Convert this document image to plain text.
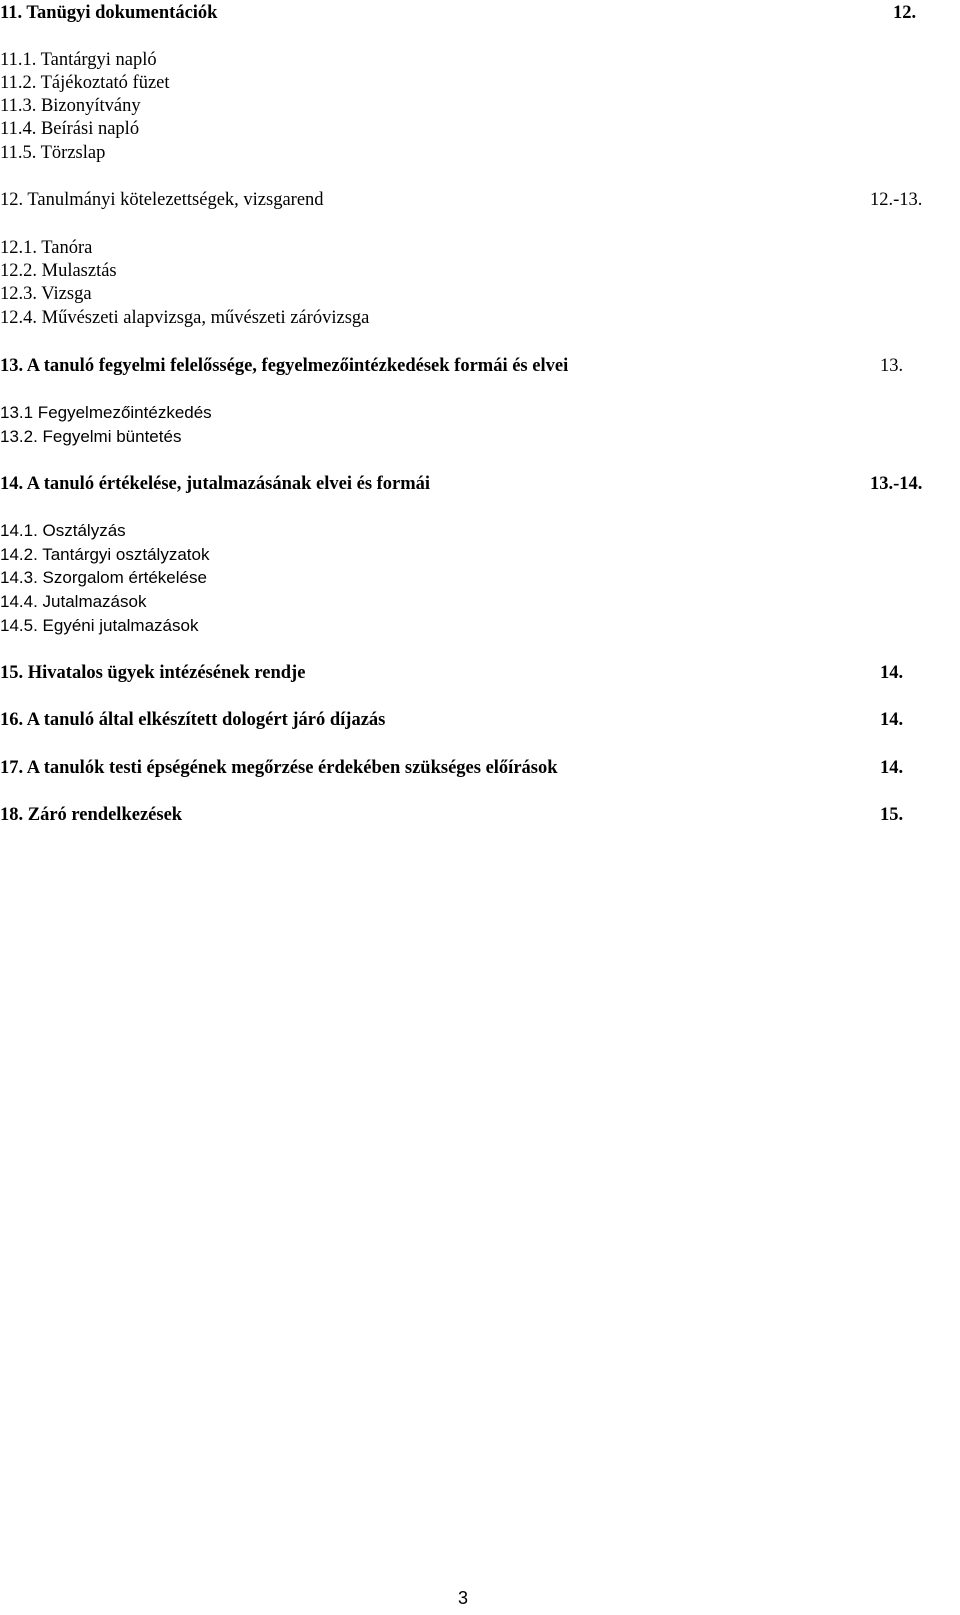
11. Tanügyi dokumentációk	12.
11.1. Tantárgyi napló
11.2. Tájékoztató füzet
11.3. Bizonyítvány
11.4. Beírási napló
11.5. Törzslap
12. Tanulmányi kötelezettségek, vizsgarend	12.-13.
12.1. Tanóra
12.2. Mulasztás
12.3. Vizsga
12.4. Művészeti alapvizsga, művészeti záróvizsga
13. A tanuló fegyelmi felelőssége, fegyelmezőintézkedések formái és elvei	13.
13.1 Fegyelmezőintézkedés
13.2. Fegyelmi büntetés
14. A tanuló értékelése, jutalmazásának elvei és formái	13.-14.
14.1. Osztályzás
14.2. Tantárgyi osztályzatok
14.3. Szorgalom értékelése
14.4. Jutalmazások
14.5. Egyéni jutalmazások
15. Hivatalos ügyek intézésének rendje	14.
16. A tanuló által elkészített dologért járó díjazás	14.
17. A tanulók testi épségének megőrzése érdekében szükséges előírások	14.
18. Záró rendelkezések	15.
3
